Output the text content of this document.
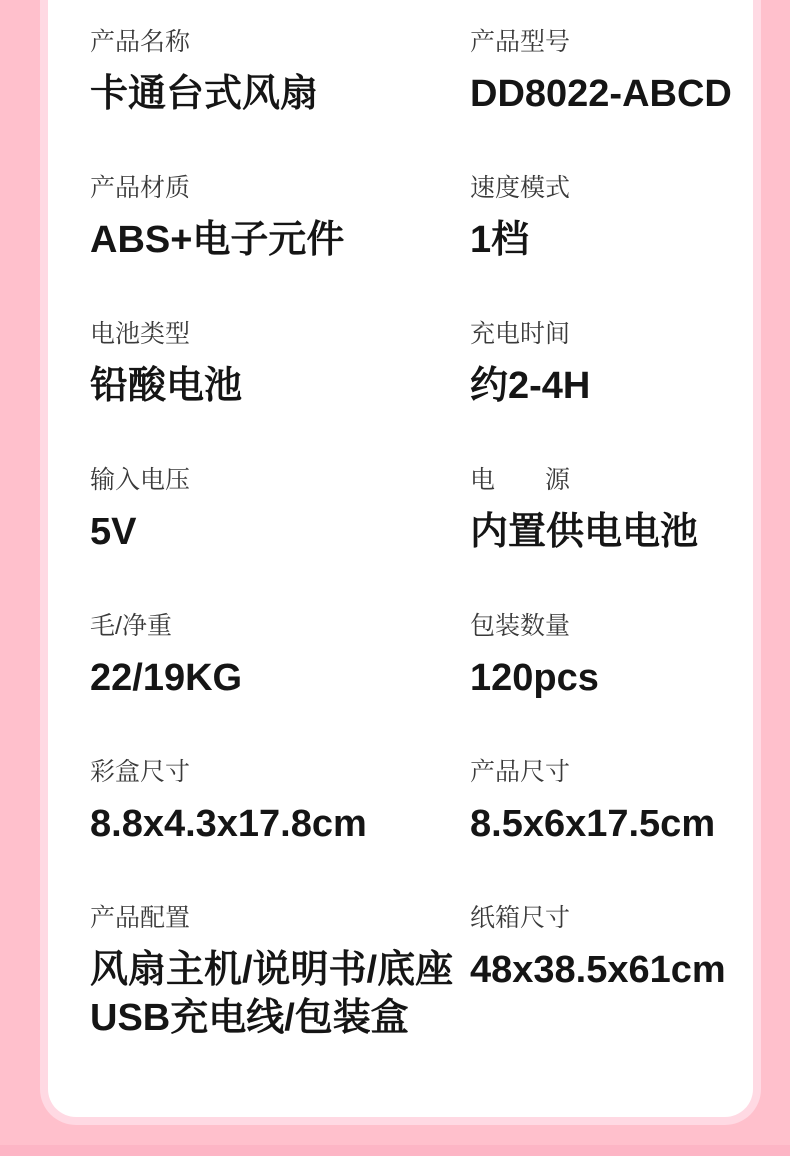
产品名称
卡通台式风扇
产品型号
DD8022-ABCD
产品材质
ABS+电子元件
速度模式
1档
电池类型
铅酸电池
充电时间
约2-4H
输入电压
5V
电　　源
内置供电电池
毛/净重
22/19KG
包装数量
120pcs
彩盒尺寸
8.8x4.3x17.8cm
产品尺寸
8.5x6x17.5cm
产品配置
风扇主机/说明书/底座
USB充电线/包装盒
纸箱尺寸
48x38.5x61cm
